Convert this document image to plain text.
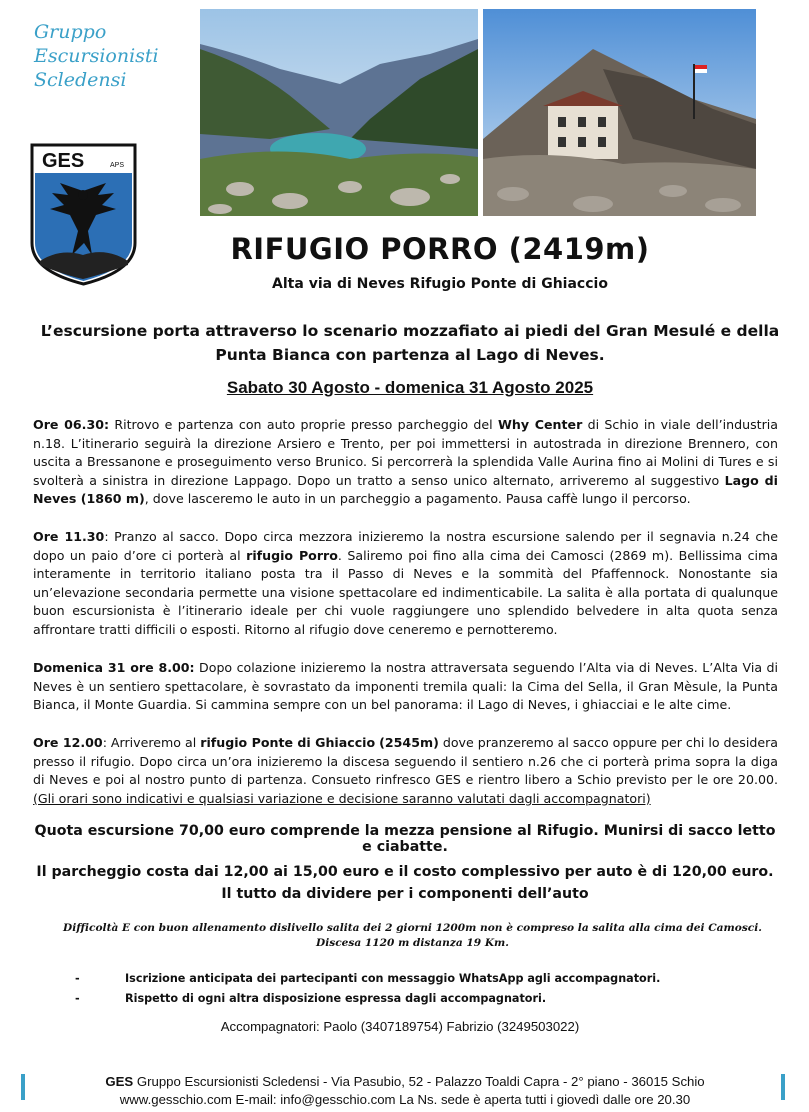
Gruppo
Escursionisti
Scledensi
GES	APS
RIFUGIO PORRO (2419m)
Alta via di Neves Rifugio Ponte di Ghiaccio
L’escursione porta attraverso lo scenario mozzafiato ai piedi del Gran Mesulé e della Punta Bianca con partenza al Lago di Neves.
Sabato 30 Agosto - domenica 31 Agosto 2025
Ore 06.30: Ritrovo e partenza con auto proprie presso parcheggio del Why Center di Schio in viale dell’industria n.18. L’itinerario seguirà la direzione Arsiero e Trento, per poi immettersi in autostrada in direzione Brennero, con uscita a Bressanone e proseguimento verso Brunico. Si percorrerà la splendida Valle Aurina fino ai Molini di Tures e si svolterà a sinistra in direzione Lappago. Dopo un tratto a senso unico alternato, arriveremo al suggestivo Lago di Neves (1860 m), dove lasceremo le auto in un parcheggio a pagamento. Pausa caffè lungo il percorso.
Ore 11.30: Pranzo al sacco. Dopo circa mezzora inizieremo la nostra escursione salendo per il segnavia n.24 che dopo un paio d’ore ci porterà al rifugio Porro. Saliremo poi fino alla cima dei Camosci (2869 m). Bellissima cima interamente in territorio italiano posta tra il Passo di Neves e la sommità del Pfaffennock. Nonostante sia un’elevazione secondaria permette una visione spettacolare ed indimenticabile. La salita è alla portata di qualunque buon escursionista è l’itinerario ideale per chi vuole raggiungere uno splendido belvedere in alta quota senza affrontare tratti difficili o esposti. Ritorno al rifugio dove ceneremo e pernotteremo.
Domenica 31 ore 8.00: Dopo colazione inizieremo la nostra attraversata seguendo l’Alta via di Neves. L’Alta Via di Neves è un sentiero spettacolare, è sovrastato da imponenti tremila quali: la Cima del Sella, il Gran Mèsule, la Punta Bianca, il Monte Guardia. Si cammina sempre con un bel panorama: il Lago di Neves, i ghiacciai e le alte cime.
Ore 12.00: Arriveremo al rifugio Ponte di Ghiaccio (2545m) dove pranzeremo al sacco oppure per chi lo desidera presso il rifugio. Dopo circa un’ora inizieremo la discesa seguendo il sentiero n.26 che ci porterà prima sopra la diga di Neves e poi al nostro punto di partenza. Consueto rinfresco GES e rientro libero a Schio previsto per le ore 20.00. (Gli orari sono indicativi e qualsiasi variazione e decisione saranno valutati dagli accompagnatori)
Quota escursione 70,00 euro comprende la mezza pensione al Rifugio. Munirsi di sacco letto e ciabatte.
Il parcheggio costa dai 12,00 ai 15,00 euro e il costo complessivo per auto è di 120,00 euro. Il tutto da dividere per i componenti dell’auto
Difficoltà E con buon allenamento dislivello salita dei 2 giorni 1200m non è compreso la salita alla cima dei Camosci. Discesa 1120 m distanza 19 Km.
-	Iscrizione anticipata dei partecipanti con messaggio WhatsApp agli accompagnatori.
-	Rispetto di ogni altra disposizione espressa dagli accompagnatori.
Accompagnatori: Paolo (3407189754) Fabrizio (3249503022)
GES Gruppo Escursionisti Scledensi - Via Pasubio, 52 - Palazzo Toaldi Capra - 2° piano - 36015 Schio
www.gesschio.com E-mail: info@gesschio.com La Ns. sede è aperta tutti i giovedì dalle ore 20.30
